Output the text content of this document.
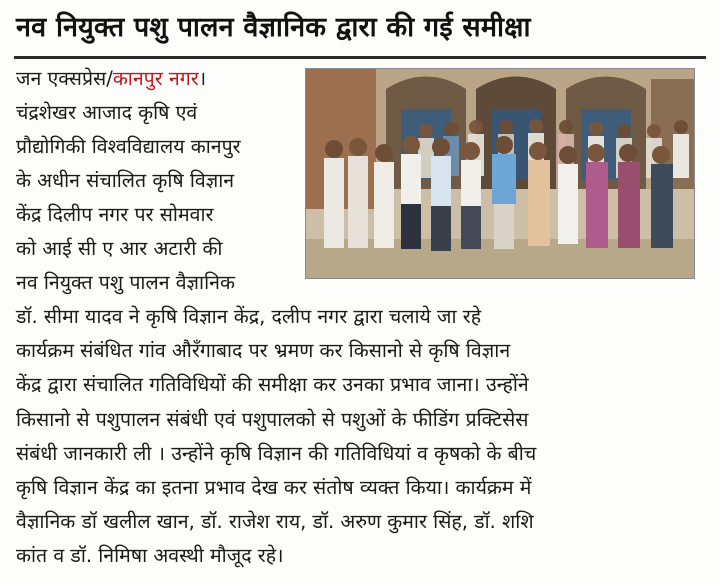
नव नियुक्त पशु पालन वैज्ञानिक द्वारा की गई समीक्षा
जन एक्सप्रेस/कानपुर नगर।
चंद्रशेखर आजाद कृषि एवं
प्रौद्योगिकी विश्वविद्यालय कानपुर
के अधीन संचालित कृषि विज्ञान
केंद्र दिलीप नगर पर सोमवार
को आई सी ए आर अटारी की
नव नियुक्त पशु पालन वैज्ञानिक
डॉ. सीमा यादव ने कृषि विज्ञान केंद्र, दलीप नगर द्वारा चलाये जा रहे
कार्यक्रम संबंधित गांव औरँगाबाद पर भ्रमण कर किसानो से कृषि विज्ञान
केंद्र द्वारा संचालित गतिविधियों की समीक्षा कर उनका प्रभाव जाना। उन्होंने
किसानो से पशुपालन संबंधी एवं पशुपालको से पशुओं के फीडिंग प्रक्टिसेस
संबंधी जानकारी ली । उन्होंने कृषि विज्ञान की गतिविधियां व कृषको के बीच
कृषि विज्ञान केंद्र का इतना प्रभाव देख कर संतोष व्यक्त किया। कार्यक्रम में
वैज्ञानिक डॉ खलील खान, डॉ. राजेश राय, डॉ. अरुण कुमार सिंह, डॉ. शशि
कांत व डॉ. निमिषा अवस्थी मौजूद रहे।
